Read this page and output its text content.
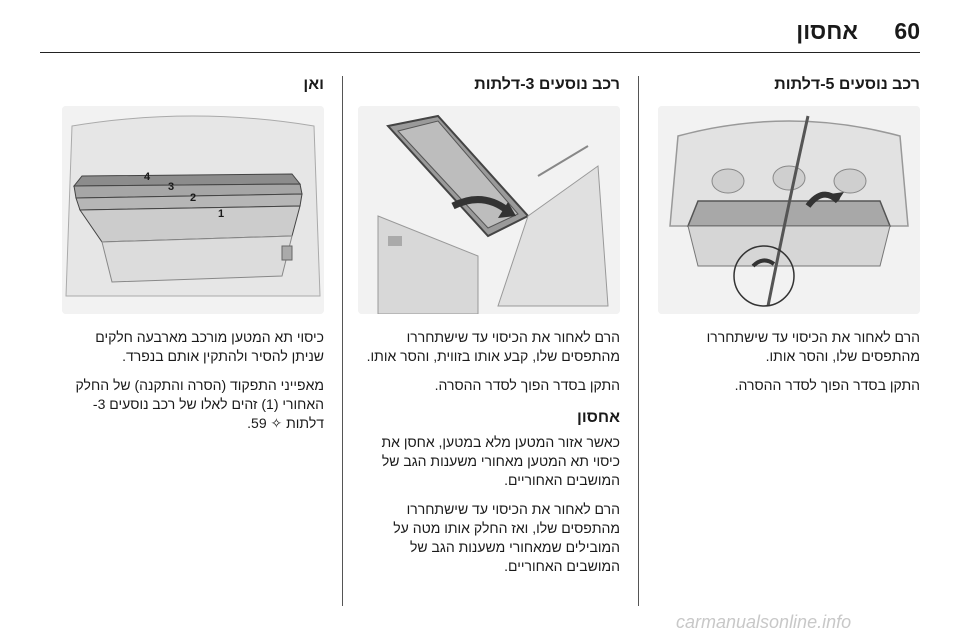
60
אחסון
רכב נוסעים 5-דלתות

הרם לאחור את הכיסוי עד שישתחררו מהתפסים שלו, והסר אותו.

התקן בסדר הפוך לסדר ההסרה.

רכב נוסעים 3-דלתות

הרם לאחור את הכיסוי עד שישתחררו מהתפסים שלו, קבע אותו בזווית, והסר אותו.

התקן בסדר הפוך לסדר ההסרה.

אחסון

כאשר אזור המטען מלא במטען, אחסן את כיסוי תא המטען מאחורי משענות הגב של המושבים האחוריים.

הרם לאחור את הכיסוי עד שישתחררו מהתפסים שלו, ואז החלק אותו מטה על המובילים שמאחורי משענות הגב של המושבים האחוריים.

ואן

כיסוי תא המטען מורכב מארבעה חלקים שניתן להסיר ולהתקין אותם בנפרד.

מאפייני התפקוד (הסרה והתקנה) של החלק האחורי (1) זהים לאלו של רכב נוסעים 3-דלתות ✧ 59.

4
3
2
1
carmanualsonline.info
